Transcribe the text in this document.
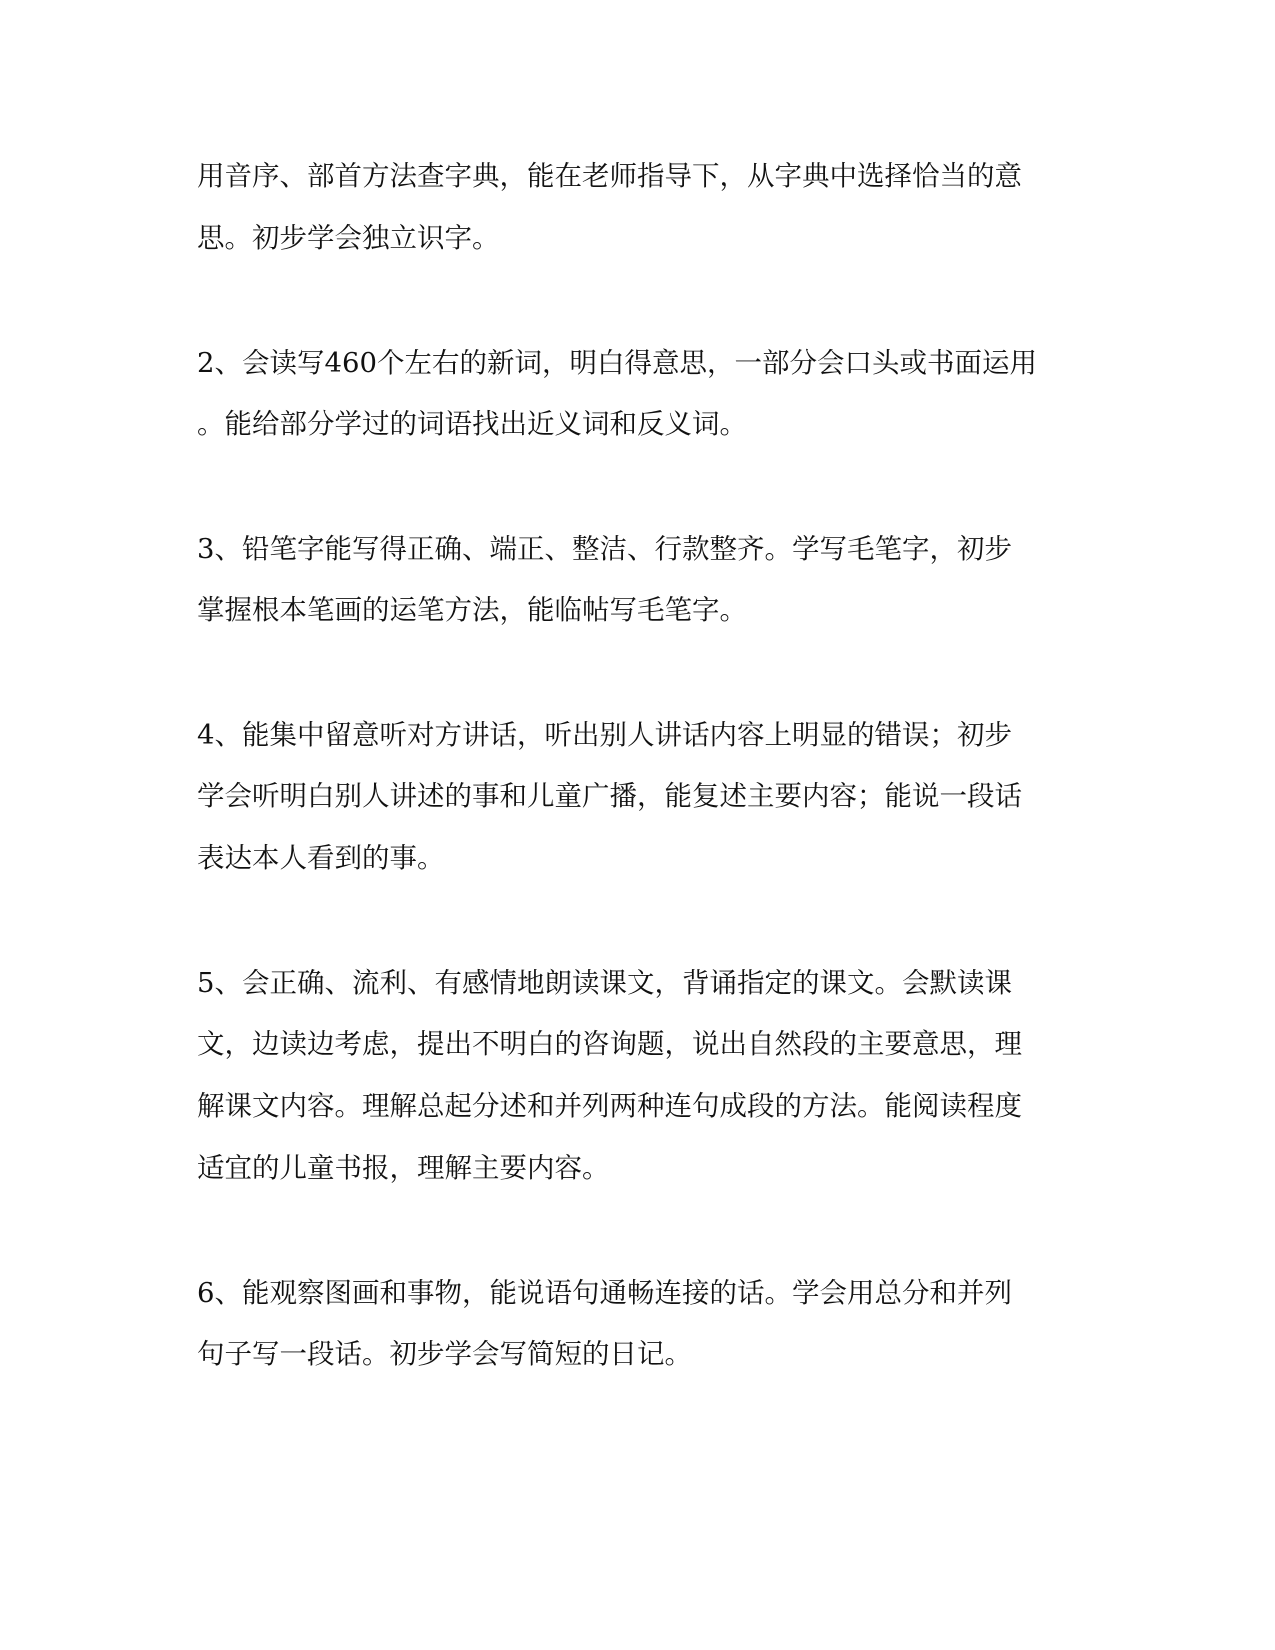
用音序、部首方法查字典，能在老师指导下，从字典中选择恰当的意
思。初步学会独立识字。
2、会读写460个左右的新词，明白得意思，一部分会口头或书面运用
。能给部分学过的词语找出近义词和反义词。
3、铅笔字能写得正确、端正、整洁、行款整齐。学写毛笔字，初步
掌握根本笔画的运笔方法，能临帖写毛笔字。
4、能集中留意听对方讲话，听出别人讲话内容上明显的错误；初步
学会听明白别人讲述的事和儿童广播，能复述主要内容；能说一段话
表达本人看到的事。
5、会正确、流利、有感情地朗读课文，背诵指定的课文。会默读课
文，边读边考虑，提出不明白的咨询题，说出自然段的主要意思，理
解课文内容。理解总起分述和并列两种连句成段的方法。能阅读程度
适宜的儿童书报，理解主要内容。
6、能观察图画和事物，能说语句通畅连接的话。学会用总分和并列
句子写一段话。初步学会写简短的日记。
